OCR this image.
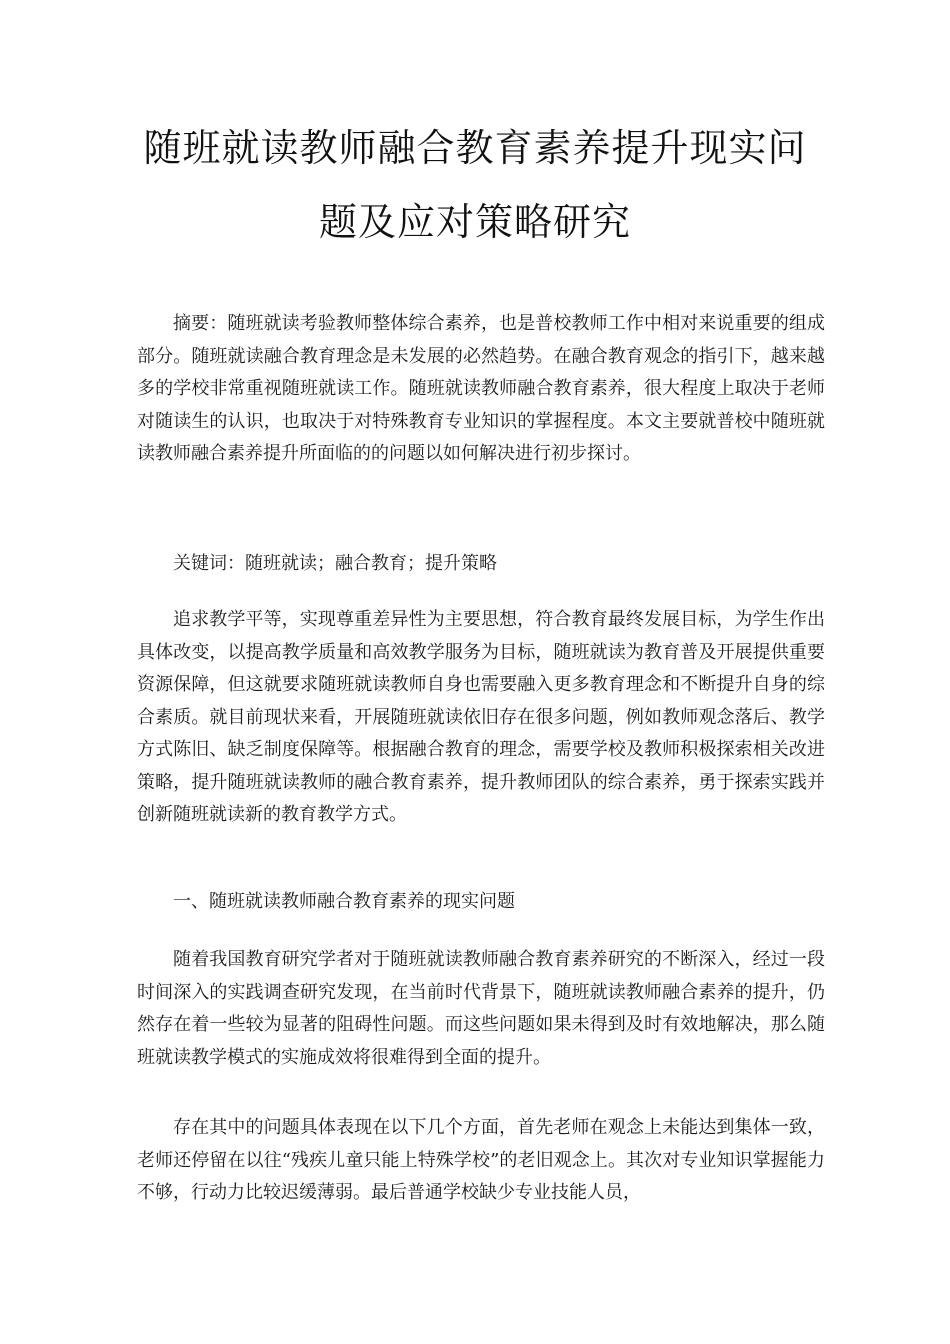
随班就读教师融合教育素养提升现实问
题及应对策略研究

摘要：随班就读考验教师整体综合素养，也是普校教师工作中相对来说重要的组成部分。随班就读融合教育理念是未发展的必然趋势。在融合教育观念的指引下，越来越多的学校非常重视随班就读工作。随班就读教师融合教育素养，很大程度上取决于老师对随读生的认识，也取决于对特殊教育专业知识的掌握程度。本文主要就普校中随班就读教师融合素养提升所面临的的问题以如何解决进行初步探讨。

关键词：随班就读；融合教育；提升策略

追求教学平等，实现尊重差异性为主要思想，符合教育最终发展目标，为学生作出具体改变，以提高教学质量和高效教学服务为目标，随班就读为教育普及开展提供重要资源保障，但这就要求随班就读教师自身也需要融入更多教育理念和不断提升自身的综合素质。就目前现状来看，开展随班就读依旧存在很多问题，例如教师观念落后、教学方式陈旧、缺乏制度保障等。根据融合教育的理念，需要学校及教师积极探索相关改进策略，提升随班就读教师的融合教育素养，提升教师团队的综合素养，勇于探索实践并创新随班就读新的教育教学方式。

一、随班就读教师融合教育素养的现实问题

随着我国教育研究学者对于随班就读教师融合教育素养研究的不断深入，经过一段时间深入的实践调查研究发现，在当前时代背景下，随班就读教师融合素养的提升，仍然存在着一些较为显著的阻碍性问题。而这些问题如果未得到及时有效地解决，那么随班就读教学模式的实施成效将很难得到全面的提升。

存在其中的问题具体表现在以下几个方面，首先老师在观念上未能达到集体一致，老师还停留在以往“残疾儿童只能上特殊学校”的老旧观念上。其次对专业知识掌握能力不够，行动力比较迟缓薄弱。最后普通学校缺少专业技能人员，
